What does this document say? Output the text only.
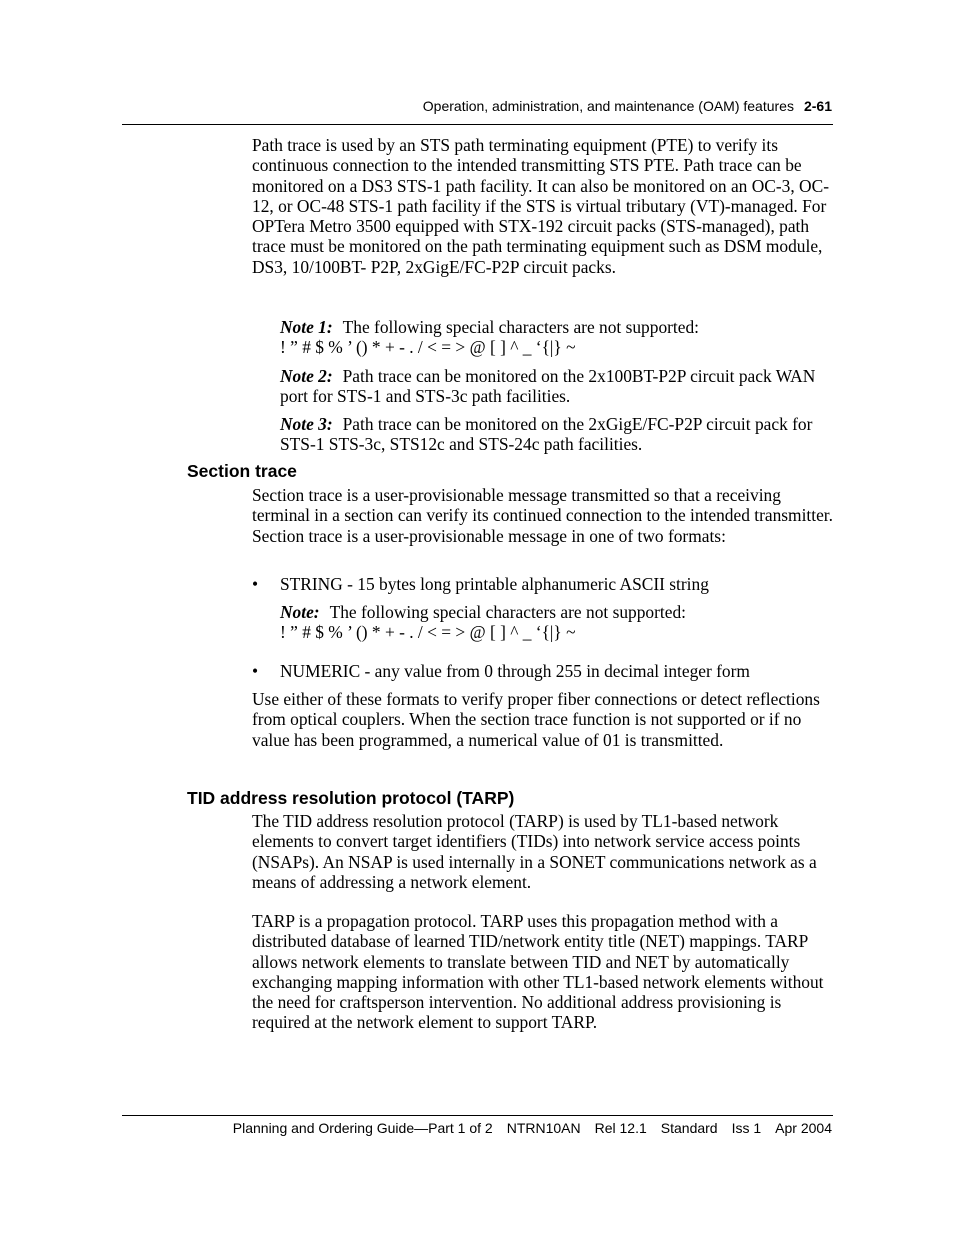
Operation, administration, and maintenance (OAM) features 2-61
Path trace is used by an STS path terminating equipment (PTE) to verify its continuous connection to the intended transmitting STS PTE. Path trace can be monitored on a DS3 STS-1 path facility. It can also be monitored on an OC-3, OC-12, or OC-48 STS-1 path facility if the STS is virtual tributary (VT)-managed. For OPTera Metro 3500 equipped with STX-192 circuit packs (STS-managed), path trace must be monitored on the path terminating equipment such as DSM module, DS3, 10/100BT- P2P, 2xGigE/FC-P2P circuit packs.
Note 1: The following special characters are not supported:
! ” # $ % ’ () * + - . / < = > @ [ ] ^ _ ‘{|} ~
Note 2: Path trace can be monitored on the 2x100BT-P2P circuit pack WAN port for STS-1 and STS-3c path facilities.
Note 3: Path trace can be monitored on the 2xGigE/FC-P2P circuit pack for STS-1 STS-3c, STS12c and STS-24c path facilities.
Section trace
Section trace is a user-provisionable message transmitted so that a receiving terminal in a section can verify its continued connection to the intended transmitter. Section trace is a user-provisionable message in one of two formats:
• STRING - 15 bytes long printable alphanumeric ASCII string
Note: The following special characters are not supported:
! ” # $ % ’ () * + - . / < = > @ [ ] ^ _ ‘{|} ~
• NUMERIC - any value from 0 through 255 in decimal integer form
Use either of these formats to verify proper fiber connections or detect reflections from optical couplers. When the section trace function is not supported or if no value has been programmed, a numerical value of 01 is transmitted.
TID address resolution protocol (TARP)
The TID address resolution protocol (TARP) is used by TL1-based network elements to convert target identifiers (TIDs) into network service access points (NSAPs). An NSAP is used internally in a SONET communications network as a means of addressing a network element.
TARP is a propagation protocol. TARP uses this propagation method with a distributed database of learned TID/network entity title (NET) mappings. TARP allows network elements to translate between TID and NET by automatically exchanging mapping information with other TL1-based network elements without the need for craftsperson intervention. No additional address provisioning is required at the network element to support TARP.
Planning and Ordering Guide—Part 1 of 2 NTRN10AN Rel 12.1 Standard Iss 1 Apr 2004
